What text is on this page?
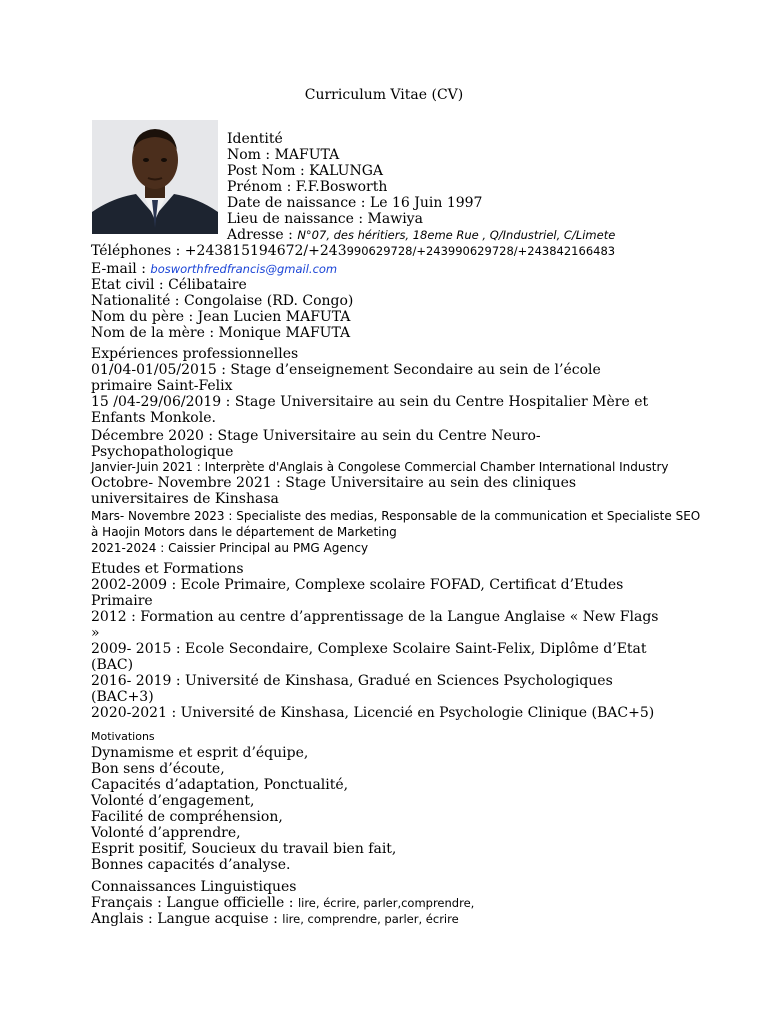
Curriculum Vitae (CV)
Identité
Nom : MAFUTA
Post Nom : KALUNGA
Prénom : F.F.Bosworth
Date de naissance : Le 16 Juin 1997
Lieu de naissance : Mawiya
Adresse : N°07, des héritiers, 18eme Rue , Q/Industriel, C/Limete
Téléphones : +243815194672/+243990629728/+243990629728/+243842166483
E-mail : bosworthfredfrancis@gmail.com
Etat civil : Célibataire
Nationalité : Congolaise (RD. Congo)
Nom du père : Jean Lucien MAFUTA
Nom de la mère : Monique MAFUTA
Expériences professionnelles
01/04-01/05/2015 : Stage d’enseignement Secondaire au sein de l’école
primaire Saint-Felix
15 /04-29/06/2019 : Stage Universitaire au sein du Centre Hospitalier Mère et
Enfants Monkole.
Décembre 2020 : Stage Universitaire au sein du Centre Neuro-
Psychopathologique
Janvier-Juin 2021 : Interprète d'Anglais à Congolese Commercial Chamber International Industry
Octobre- Novembre 2021 : Stage Universitaire au sein des cliniques
universitaires de Kinshasa
Mars- Novembre 2023 : Specialiste des medias, Responsable de la communication et Specialiste SEO
à Haojin Motors dans le département de Marketing
2021-2024 : Caissier Principal au PMG Agency
Etudes et Formations
2002-2009 : Ecole Primaire, Complexe scolaire FOFAD, Certificat d’Etudes
Primaire
2012 : Formation au centre d’apprentissage de la Langue Anglaise « New Flags
»
2009- 2015 : Ecole Secondaire, Complexe Scolaire Saint-Felix, Diplôme d’Etat
(BAC)
2016- 2019 : Université de Kinshasa, Gradué en Sciences Psychologiques
(BAC+3)
2020-2021 : Université de Kinshasa, Licencié en Psychologie Clinique (BAC+5)
Motivations
Dynamisme et esprit d’équipe,
Bon sens d’écoute,
Capacités d’adaptation, Ponctualité,
Volonté d’engagement,
Facilité de compréhension,
Volonté d’apprendre,
Esprit positif, Soucieux du travail bien fait,
Bonnes capacités d’analyse.
Connaissances Linguistiques
Français : Langue officielle : lire, écrire, parler,comprendre,
Anglais : Langue acquise : lire, comprendre, parler, écrire
